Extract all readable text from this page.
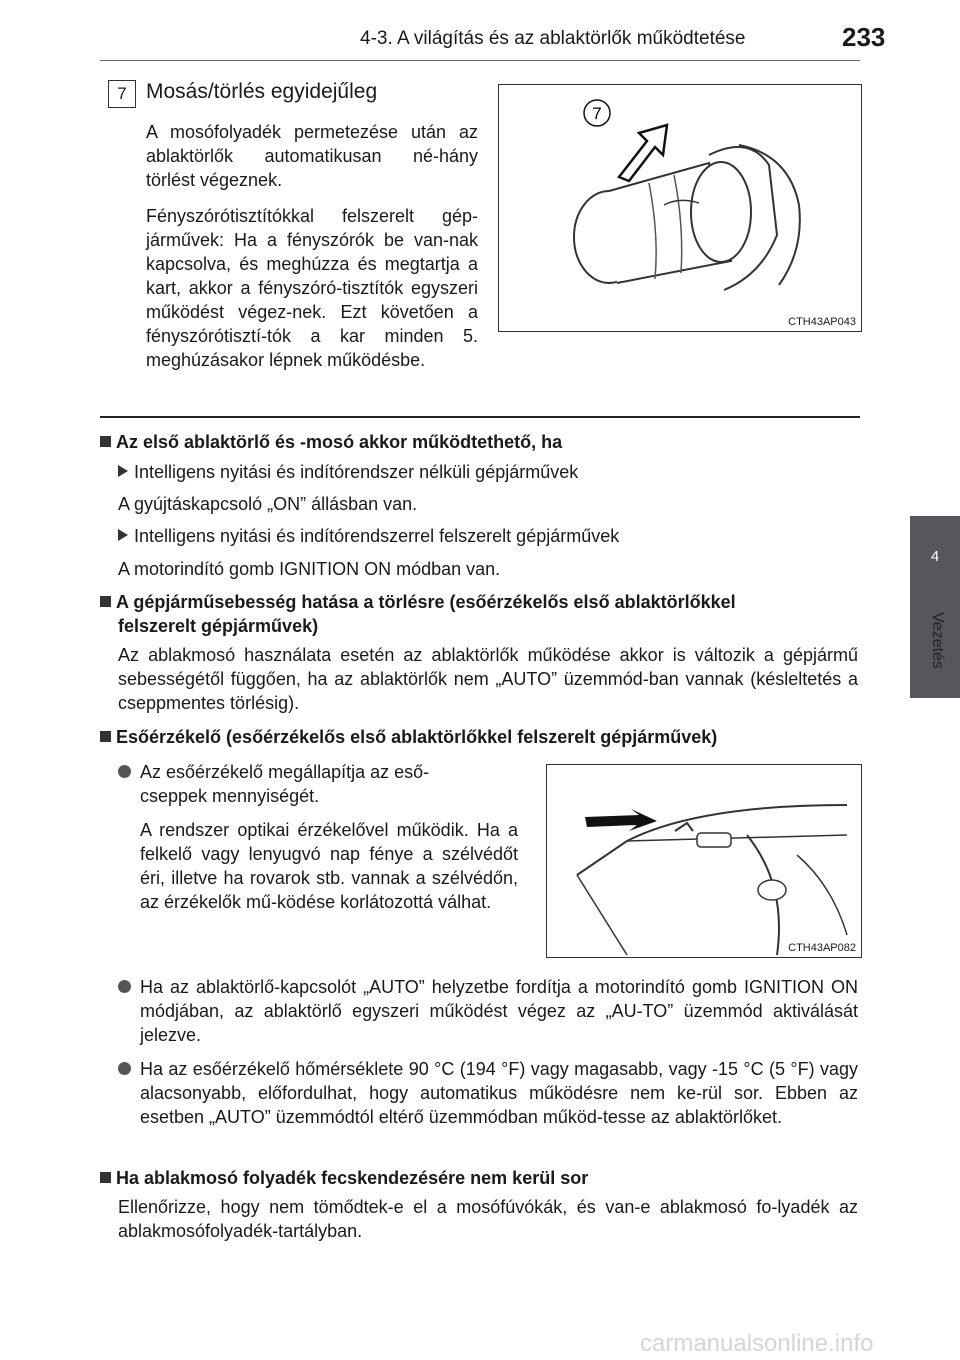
4-3. A világítás és az ablaktörlők működtetése	233
4
Vezetés
7 Mosás/törlés egyidejűleg
A mosófolyadék permetezése után az ablaktörlők automatikusan né-hány törlést végeznek.
Fényszórótisztítókkal felszerelt gép-járművek: Ha a fényszórók be van-nak kapcsolva, és meghúzza és megtartja a kart, akkor a fényszóró-tisztítók egyszeri működést végez-nek. Ezt követően a fényszórótisztí-tók a kar minden 5. meghúzásakor lépnek működésbe.
7
CTH43AP043
Az első ablaktörlő és -mosó akkor működtethető, ha
Intelligens nyitási és indítórendszer nélküli gépjárművek
A gyújtáskapcsoló „ON” állásban van.
Intelligens nyitási és indítórendszerrel felszerelt gépjárművek
A motorindító gomb IGNITION ON módban van.
A gépjárműsebesség hatása a törlésre (esőérzékelős első ablaktörlőkkel
felszerelt gépjárművek)
Az ablakmosó használata esetén az ablaktörlők működése akkor is változik a gépjármű sebességétől függően, ha az ablaktörlők nem „AUTO” üzemmód-ban vannak (késleltetés a cseppmentes törlésig).
Esőérzékelő (esőérzékelős első ablaktörlőkkel felszerelt gépjárművek)
Az esőérzékelő megállapítja az eső-
cseppek mennyiségét.
A rendszer optikai érzékelővel működik. Ha a felkelő vagy lenyugvó nap fénye a szélvédőt éri, illetve ha rovarok stb. vannak a szélvédőn, az érzékelők mű-ködése korlátozottá válhat.
CTH43AP082
Ha az ablaktörlő-kapcsolót „AUTO” helyzetbe fordítja a motorindító gomb IGNITION ON módjában, az ablaktörlő egyszeri működést végez az „AU-TO” üzemmód aktiválását jelezve.
Ha az esőérzékelő hőmérséklete 90 °C (194 °F) vagy magasabb, vagy -15 °C (5 °F) vagy alacsonyabb, előfordulhat, hogy automatikus működésre nem ke-rül sor. Ebben az esetben „AUTO” üzemmódtól eltérő üzemmódban működ-tesse az ablaktörlőket.
Ha ablakmosó folyadék fecskendezésére nem kerül sor
Ellenőrizze, hogy nem tömődtek-e el a mosófúvókák, és van-e ablakmosó fo-lyadék az ablakmosófolyadék-tartályban.
carmanualsonline.info
